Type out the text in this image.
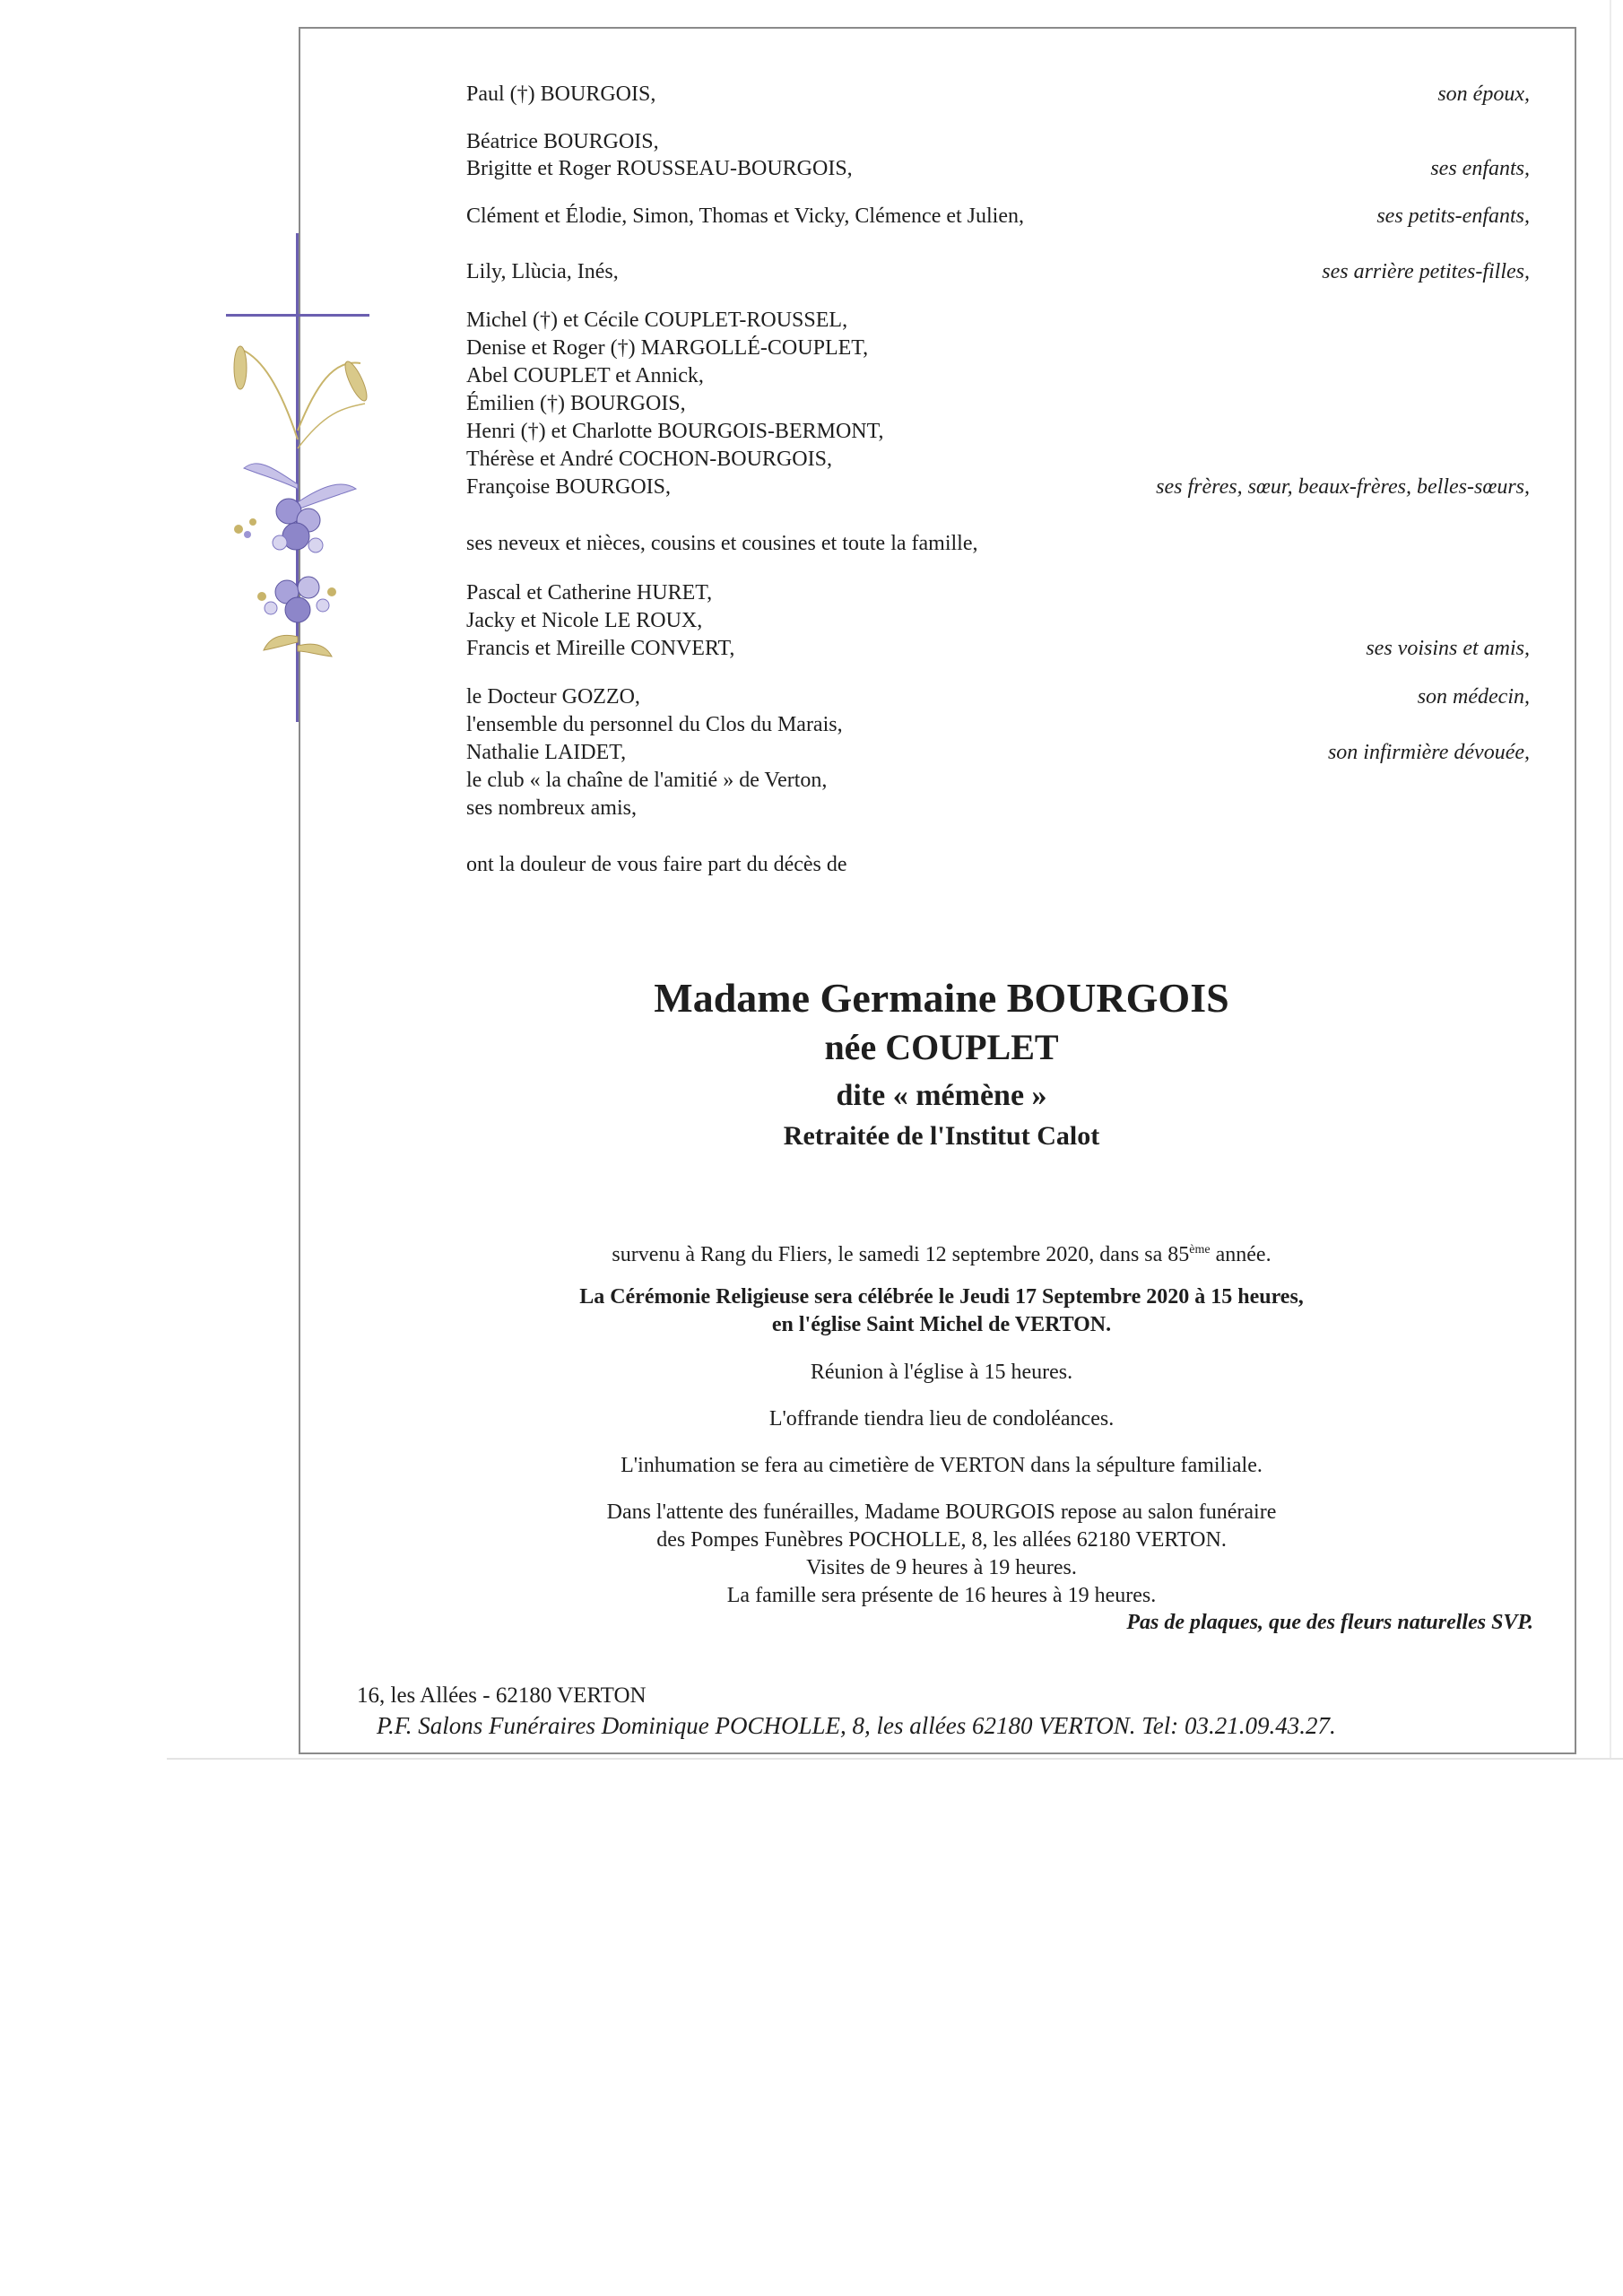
Paul (†) BOURGOIS,	son époux,
Béatrice BOURGOIS,
Brigitte et Roger ROUSSEAU-BOURGOIS,	ses enfants,
Clément et Élodie, Simon, Thomas et Vicky, Clémence et Julien,	ses petits-enfants,
Lily, Llùcia, Inés,	ses arrière petites-filles,
Michel (†) et Cécile COUPLET-ROUSSEL,
Denise et Roger (†) MARGOLLÉ-COUPLET,
Abel COUPLET et Annick,
Émilien (†) BOURGOIS,
Henri (†) et Charlotte BOURGOIS-BERMONT,
Thérèse et André COCHON-BOURGOIS,
Françoise BOURGOIS,	ses frères, sœur, beaux-frères, belles-sœurs,
ses neveux et nièces, cousins et cousines et toute la famille,
Pascal et Catherine HURET,
Jacky et Nicole LE ROUX,
Francis et Mireille CONVERT,	ses voisins et amis,
le Docteur GOZZO,	son médecin,
l'ensemble du personnel du Clos du Marais,
Nathalie LAIDET,	son infirmière dévouée,
le club « la chaîne de l'amitié » de Verton,
ses nombreux amis,
ont la douleur de vous faire part du décès de
Madame Germaine BOURGOIS
née COUPLET
dite « mémène »
Retraitée de l'Institut Calot
survenu à Rang du Fliers, le samedi 12 septembre 2020, dans sa 85ème année.
La Cérémonie Religieuse sera célébrée le Jeudi 17 Septembre 2020 à 15 heures,
en l'église Saint Michel de VERTON.
Réunion à l'église à 15 heures.
L'offrande tiendra lieu de condoléances.
L'inhumation se fera au cimetière de VERTON dans la sépulture familiale.
Dans l'attente des funérailles, Madame BOURGOIS repose au salon funéraire
des Pompes Funèbres POCHOLLE, 8, les allées 62180 VERTON.
Visites de 9 heures à 19 heures.
La famille sera présente de 16 heures à 19 heures.
Pas de plaques, que des fleurs naturelles SVP.
16, les Allées - 62180 VERTON
P.F. Salons Funéraires Dominique POCHOLLE, 8, les allées 62180 VERTON. Tel: 03.21.09.43.27.
